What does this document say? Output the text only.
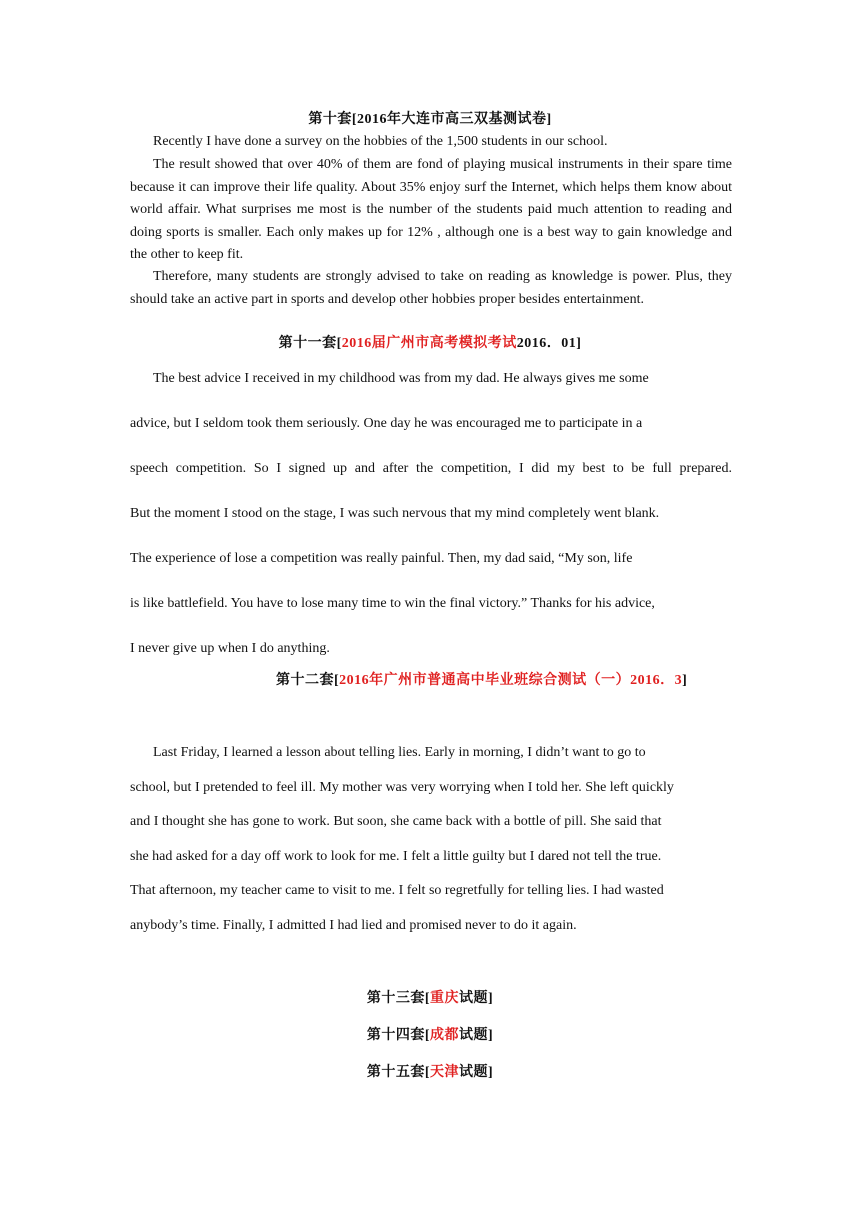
第十套[2016年大连市高三双基测试卷]
Recently I have done a survey on the hobbies of the 1,500 students in our school.
The result showed that over 40% of them are fond of playing musical instruments in their spare time because it can improve their life quality. About 35% enjoy surf the Internet, which helps them know about world affair. What surprises me most is the number of the students paid much attention to reading and doing sports is smaller. Each only makes up for 12% , although one is a best way to gain knowledge and the other to keep fit.
Therefore, many students are strongly advised to take on reading as knowledge is power. Plus, they should take an active part in sports and develop other hobbies proper besides entertainment.
第十一套[2016届广州市高考模拟考试2016．01]
The best advice I received in my childhood was from my dad. He always gives me some
advice, but I seldom took them seriously. One day he was encouraged me to participate in a
speech competition. So I signed up and after the competition, I did my best to be full prepared.
But the moment I stood on the stage, I was such nervous that my mind completely went blank.
The experience of lose a competition was really painful. Then, my dad said, “My son, life
is like battlefield. You have to lose many time to win the final victory.” Thanks for his advice,
I never give up when I do anything.
第十二套[2016年广州市普通高中毕业班综合测试（一）2016．3]
Last Friday, I learned a lesson about telling lies. Early in morning, I didn’t want to go to
school, but I pretended to feel ill. My mother was very worrying when I told her. She left quickly
and I thought she has gone to work. But soon, she came back with a bottle of pill. She said that
she had asked for a day off work to look for me. I felt a little guilty but I dared not tell the true.
That afternoon, my teacher came to visit to me. I felt so regretfully for telling lies. I had wasted
anybody’s time. Finally, I admitted I had lied and promised never to do it again.
第十三套[重庆试题]
第十四套[成都试题]
第十五套[天津试题]
